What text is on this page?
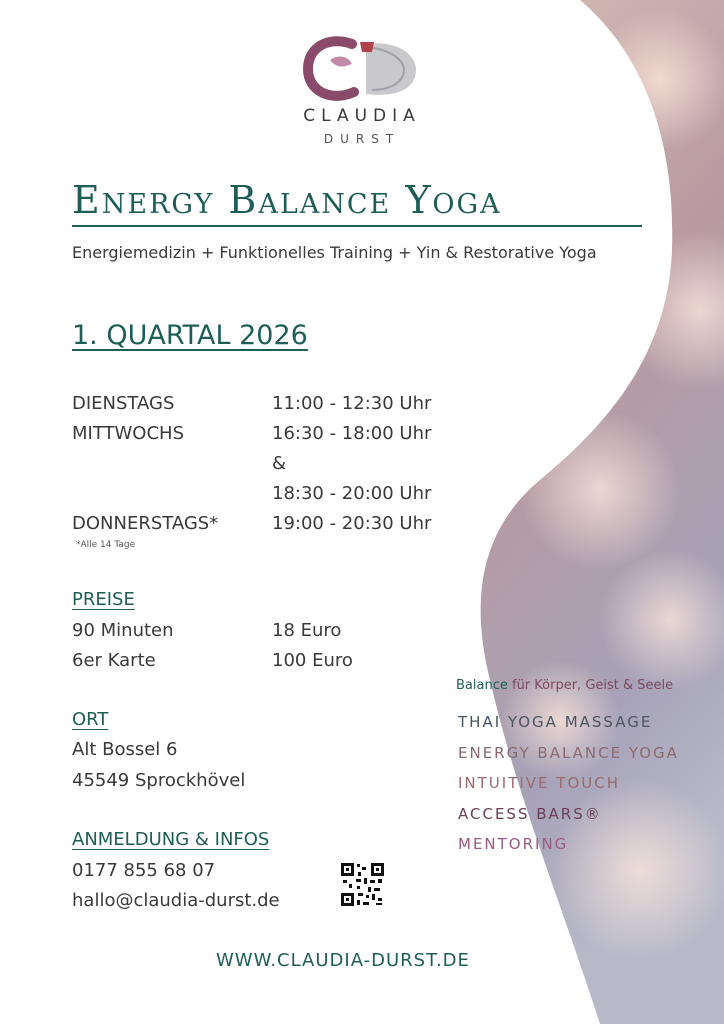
CLAUDIA
DURST
Energy Balance Yoga
Energiemedizin + Funktionelles Training + Yin & Restorative Yoga
1. QUARTAL 2026
DIENSTAGS	11:00 - 12:30 Uhr
MITTWOCHS	16:30 - 18:00 Uhr
&
18:30 - 20:00 Uhr
DONNERSTAGS*	19:00 - 20:30 Uhr
*Alle 14 Tage
PREISE
90 Minuten	18 Euro
6er Karte	100 Euro
ORT
Alt Bossel 6
45549 Sprockhövel
ANMELDUNG & INFOS
0177 855 68 07
hallo@claudia-durst.de
WWW.CLAUDIA-DURST.DE
Balance für Körper, Geist & Seele
THAI YOGA MASSAGE
ENERGY BALANCE YOGA
INTUITIVE TOUCH
ACCESS BARS®
MENTORING
